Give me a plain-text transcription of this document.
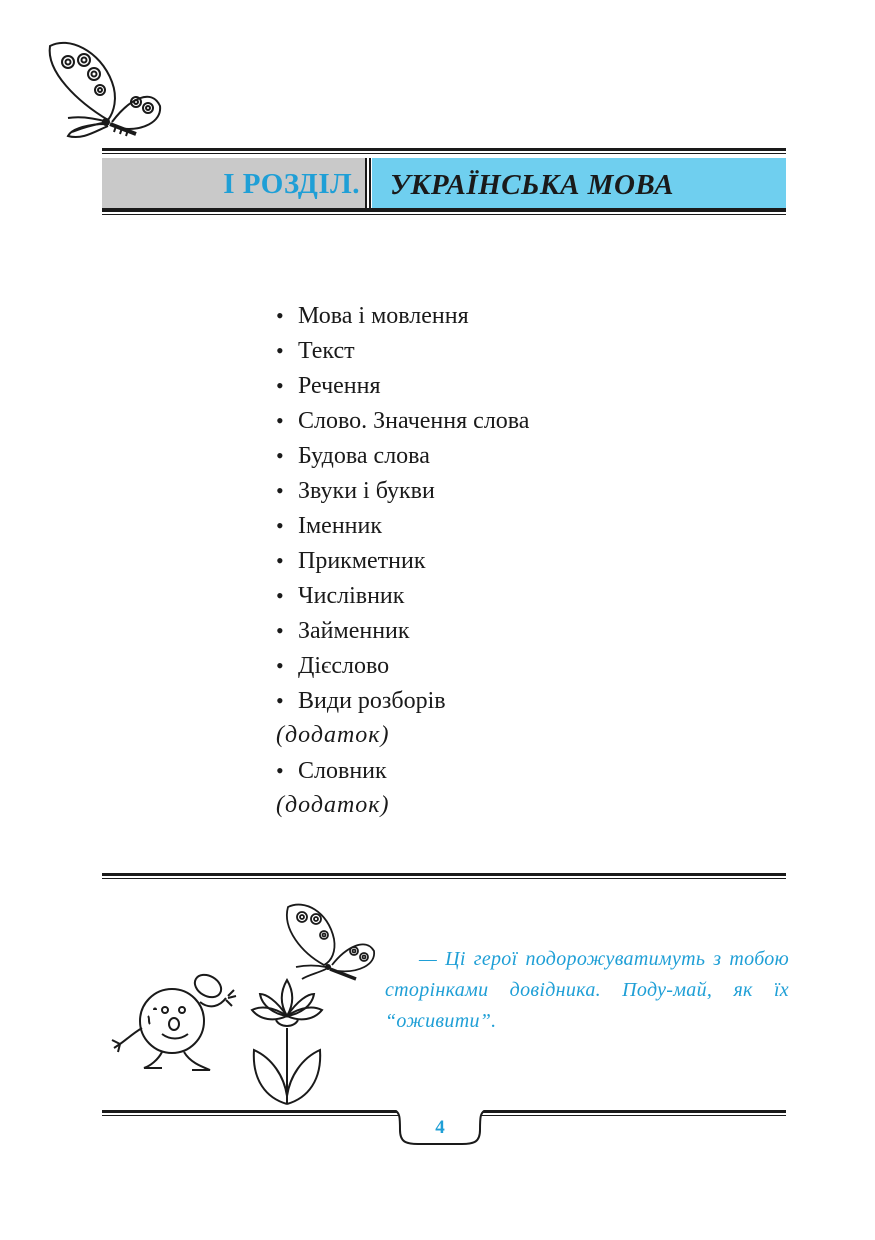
І РОЗДІЛ. УКРАЇНСЬКА МОВА
• Мова і мовлення
• Текст
• Речення
• Слово. Значення слова
• Будова слова
• Звуки і букви
• Іменник
• Прикметник
• Числівник
• Займенник
• Дієслово
• Види розборів
(додаток)
• Словник
(додаток)
— Ці герої подорожуватимуть з тобою сторінками довідника. Поду-май, як їх “оживити”.
4
